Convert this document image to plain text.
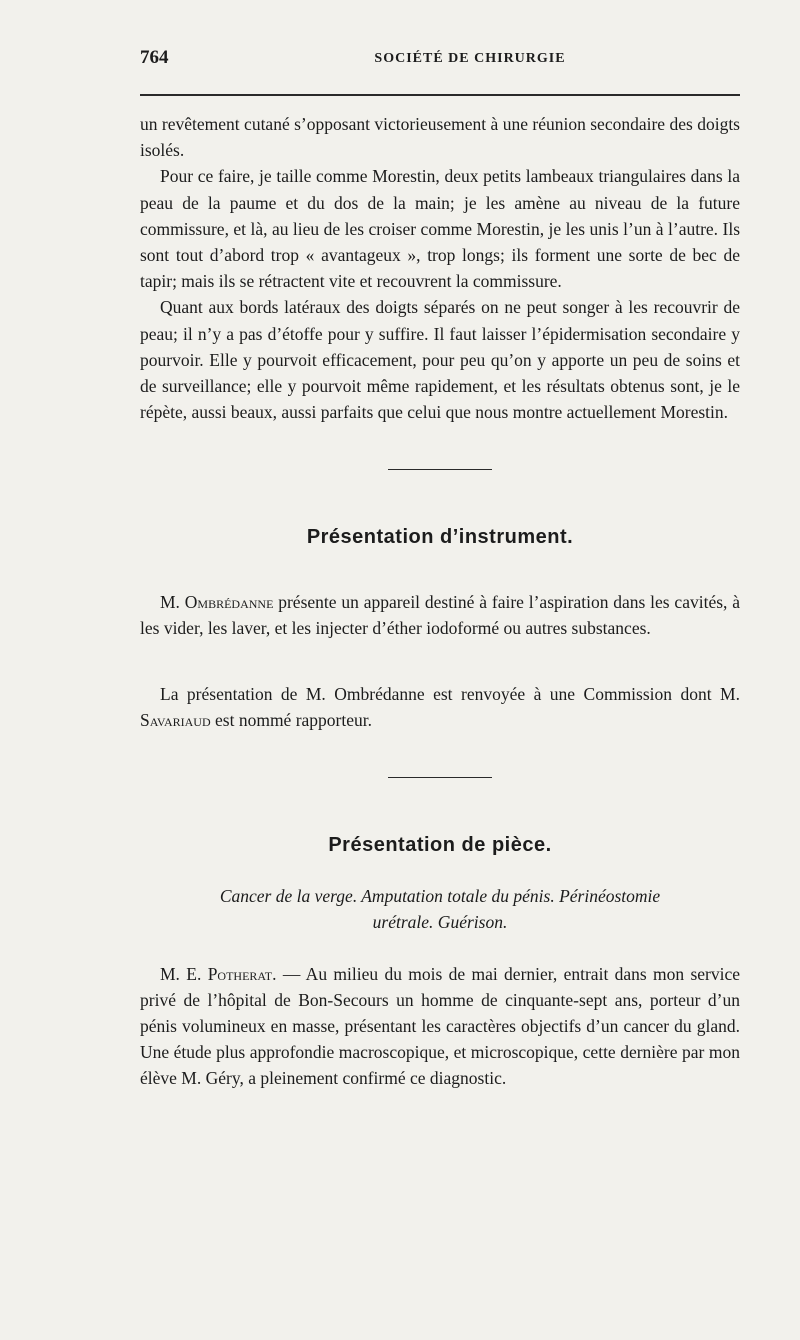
764	SOCIÉTÉ DE CHIRURGIE

un revêtement cutané s’opposant victorieusement à une réunion secondaire des doigts isolés.

Pour ce faire, je taille comme Morestin, deux petits lambeaux triangulaires dans la peau de la paume et du dos de la main; je les amène au niveau de la future commissure, et là, au lieu de les croiser comme Morestin, je les unis l’un à l’autre. Ils sont tout d’abord trop « avantageux », trop longs; ils forment une sorte de bec de tapir; mais ils se rétractent vite et recouvrent la commissure.

Quant aux bords latéraux des doigts séparés on ne peut songer à les recouvrir de peau; il n’y a pas d’étoffe pour y suffire. Il faut laisser l’épidermisation secondaire y pourvoir. Elle y pourvoit efficacement, pour peu qu’on y apporte un peu de soins et de surveillance; elle y pourvoit même rapidement, et les résultats obtenus sont, je le répète, aussi beaux, aussi parfaits que celui que nous montre actuellement Morestin.

Présentation d’instrument.

M. Ombrédanne présente un appareil destiné à faire l’aspiration dans les cavités, à les vider, les laver, et les injecter d’éther iodoformé ou autres substances.

La présentation de M. Ombrédanne est renvoyée à une Commission dont M. Savariaud est nommé rapporteur.

Présentation de pièce.
Cancer de la verge. Amputation totale du pénis. Périnéostomie
urétrale. Guérison.

M. E. Potherat. — Au milieu du mois de mai dernier, entrait dans mon service privé de l’hôpital de Bon-Secours un homme de cinquante-sept ans, porteur d’un pénis volumineux en masse, présentant les caractères objectifs d’un cancer du gland. Une étude plus approfondie macroscopique, et microscopique, cette dernière par mon élève M. Géry, a pleinement confirmé ce diagnostic.
